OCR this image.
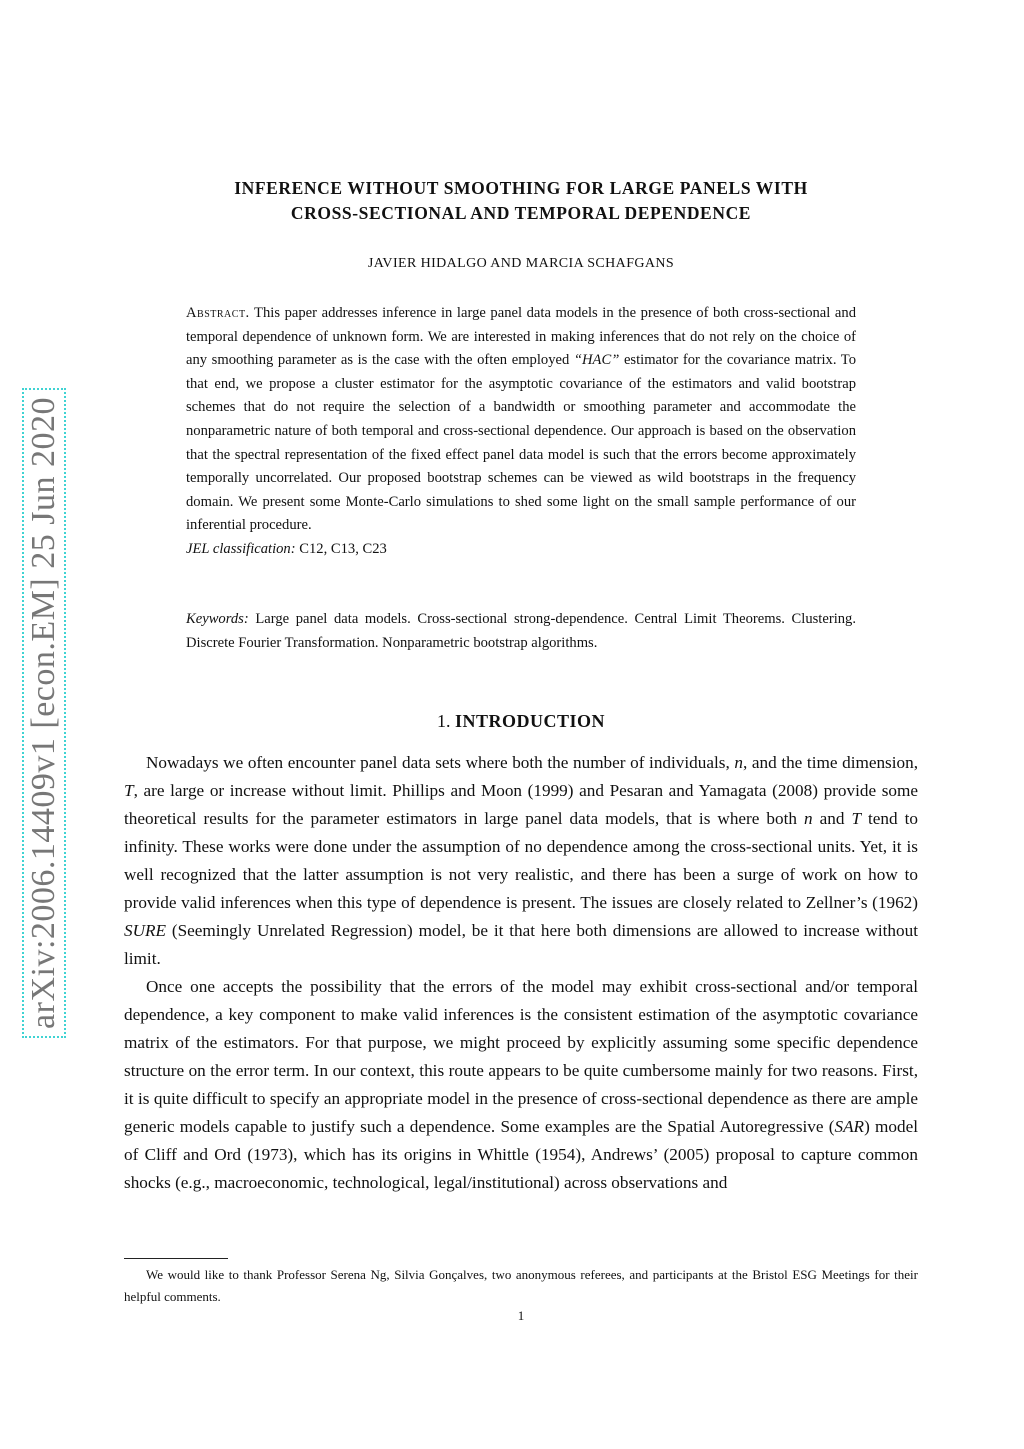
arXiv:2006.14409v1 [econ.EM] 25 Jun 2020
INFERENCE WITHOUT SMOOTHING FOR LARGE PANELS WITH
CROSS-SECTIONAL AND TEMPORAL DEPENDENCE
JAVIER HIDALGO AND MARCIA SCHAFGANS

Abstract. This paper addresses inference in large panel data models in the presence of both cross-sectional and temporal dependence of unknown form. We are interested in making inferences that do not rely on the choice of any smoothing parameter as is the case with the often employed “HAC” estimator for the covariance matrix. To that end, we propose a cluster estimator for the asymptotic covariance of the estimators and valid bootstrap schemes that do not require the selection of a bandwidth or smoothing parameter and accommodate the nonparametric nature of both temporal and cross-sectional dependence. Our approach is based on the observation that the spectral representation of the fixed effect panel data model is such that the errors become approximately temporally uncorrelated. Our proposed bootstrap schemes can be viewed as wild bootstraps in the frequency domain. We present some Monte-Carlo simulations to shed some light on the small sample performance of our inferential procedure.

JEL classification: C12, C13, C23

Keywords: Large panel data models. Cross-sectional strong-dependence. Central Limit Theorems. Clustering. Discrete Fourier Transformation. Nonparametric bootstrap algorithms.
1. INTRODUCTION

Nowadays we often encounter panel data sets where both the number of individuals, n, and the time dimension, T, are large or increase without limit. Phillips and Moon (1999) and Pesaran and Yamagata (2008) provide some theoretical results for the parameter estimators in large panel data models, that is where both n and T tend to infinity. These works were done under the assumption of no dependence among the cross-sectional units. Yet, it is well recognized that the latter assumption is not very realistic, and there has been a surge of work on how to provide valid inferences when this type of dependence is present. The issues are closely related to Zellner’s (1962) SURE (Seemingly Unrelated Regression) model, be it that here both dimensions are allowed to increase without limit.

Once one accepts the possibility that the errors of the model may exhibit cross-sectional and/or temporal dependence, a key component to make valid inferences is the consistent estimation of the asymptotic covariance matrix of the estimators. For that purpose, we might proceed by explicitly assuming some specific dependence structure on the error term. In our context, this route appears to be quite cumbersome mainly for two reasons. First, it is quite difficult to specify an appropriate model in the presence of cross-sectional dependence as there are ample generic models capable to justify such a dependence. Some examples are the Spatial Autoregressive (SAR) model of Cliff and Ord (1973), which has its origins in Whittle (1954), Andrews’ (2005) proposal to capture common shocks (e.g., macroeconomic, technological, legal/institutional) across observations and

We would like to thank Professor Serena Ng, Silvia Gonçalves, two anonymous referees, and participants at the Bristol ESG Meetings for their helpful comments.
1
